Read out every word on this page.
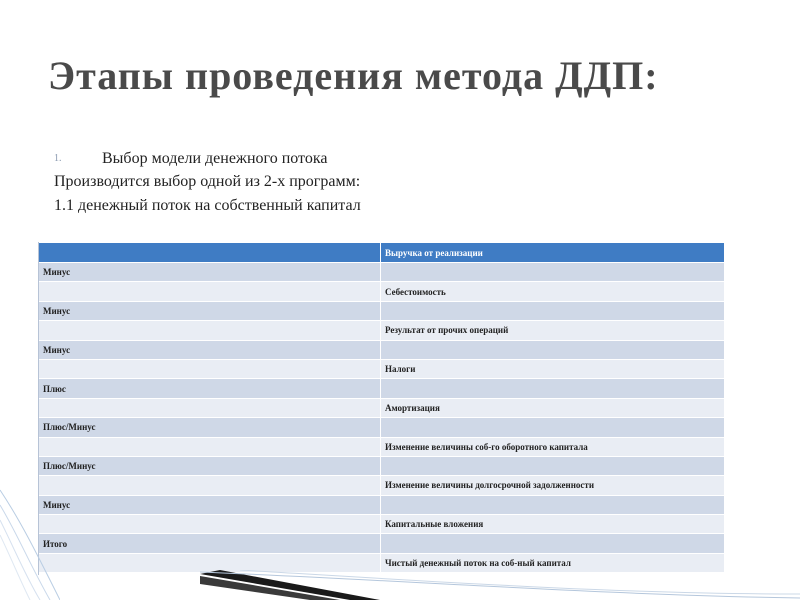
Этапы проведения метода ДДП:
1.	Выбор модели денежного потока
Производится выбор одной из 2-х программ:
1.1 денежный поток на собственный капитал
	Выручка от реализации
Минус	
	Себестоимость
Минус	
	Результат от прочих операций
Минус	
	Налоги
Плюс	
	Амортизация
Плюс/Минус	
	Изменение величины соб-го оборотного капитала
Плюс/Минус	
	Изменение величины долгосрочной задолженности
Минус	
	Капитальные вложения
Итого	
	Чистый денежный поток на соб-ный капитал
